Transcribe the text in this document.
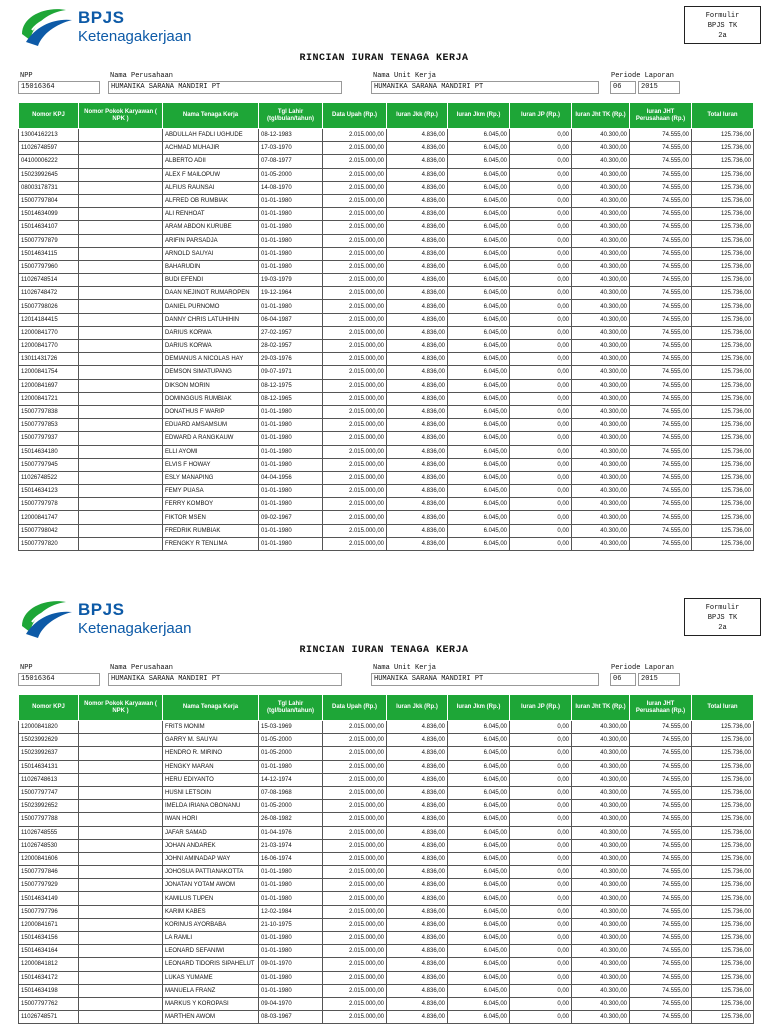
BPJS
Ketenagakerjaan
Formulir
BPJS TK
2a
RINCIAN IURAN TENAGA KERJA
NPP
15016364
Nama Perusahaan
HUMANIKA SARANA MANDIRI PT
Nama Unit Kerja
HUMANIKA SARANA MANDIRI PT
Periode Laporan
06	2015
Nomor KPJ	Nomor Pokok Karyawan ( NPK )	Nama Tenaga Kerja	Tgl Lahir (tgl/bulan/tahun)	Data Upah (Rp.)	Iuran Jkk (Rp.)	Iuran Jkm (Rp.)	Iuran JP (Rp.)	Iuran Jht TK (Rp.)	Iuran JHT Perusahaan (Rp.)	Total Iuran
13004162213		ABDULLAH FADLI UGHUDE	08-12-1983	2.015.000,00	4.836,00	6.045,00	0,00	40.300,00	74.555,00	125.736,00
11026748597		ACHMAD MUHAJIR	17-03-1970	2.015.000,00	4.836,00	6.045,00	0,00	40.300,00	74.555,00	125.736,00
04100006222		ALBERTO ADII	07-08-1977	2.015.000,00	4.836,00	6.045,00	0,00	40.300,00	74.555,00	125.736,00
15023992645		ALEX F MAILOPUW	01-05-2000	2.015.000,00	4.836,00	6.045,00	0,00	40.300,00	74.555,00	125.736,00
08003178731		ALFIUS RAUNSAI	14-08-1970	2.015.000,00	4.836,00	6.045,00	0,00	40.300,00	74.555,00	125.736,00
15007797804		ALFRED OB RUMBIAK	01-01-1980	2.015.000,00	4.836,00	6.045,00	0,00	40.300,00	74.555,00	125.736,00
15014634099		ALI RENHOAT	01-01-1980	2.015.000,00	4.836,00	6.045,00	0,00	40.300,00	74.555,00	125.736,00
15014634107		ARAM ABDON KURUBE	01-01-1980	2.015.000,00	4.836,00	6.045,00	0,00	40.300,00	74.555,00	125.736,00
15007797879		ARIFIN PARSADJA	01-01-1980	2.015.000,00	4.836,00	6.045,00	0,00	40.300,00	74.555,00	125.736,00
15014634115		ARNOLD SAUYAI	01-01-1980	2.015.000,00	4.836,00	6.045,00	0,00	40.300,00	74.555,00	125.736,00
15007797960		BAHARUDIN	01-01-1980	2.015.000,00	4.836,00	6.045,00	0,00	40.300,00	74.555,00	125.736,00
11026748514		BUDI EFENDI	19-03-1979	2.015.000,00	4.836,00	6.045,00	0,00	40.300,00	74.555,00	125.736,00
11026748472		DAAN NEJINOT RUMAROPEN	19-12-1964	2.015.000,00	4.836,00	6.045,00	0,00	40.300,00	74.555,00	125.736,00
15007798026		DANIEL PURNOMO	01-01-1980	2.015.000,00	4.836,00	6.045,00	0,00	40.300,00	74.555,00	125.736,00
12014184415		DANNY CHRIS LATUHIHIN	06-04-1987	2.015.000,00	4.836,00	6.045,00	0,00	40.300,00	74.555,00	125.736,00
12000841770		DARIUS KORWA	27-02-1957	2.015.000,00	4.836,00	6.045,00	0,00	40.300,00	74.555,00	125.736,00
12000841770		DARIUS KORWA	28-02-1957	2.015.000,00	4.836,00	6.045,00	0,00	40.300,00	74.555,00	125.736,00
13011431726		DEMIANUS A NICOLAS HAY	29-03-1976	2.015.000,00	4.836,00	6.045,00	0,00	40.300,00	74.555,00	125.736,00
12000841754		DEMSON SIMATUPANG	09-07-1971	2.015.000,00	4.836,00	6.045,00	0,00	40.300,00	74.555,00	125.736,00
12000841697		DIKSON MORIN	08-12-1975	2.015.000,00	4.836,00	6.045,00	0,00	40.300,00	74.555,00	125.736,00
12000841721		DOMINGGUS RUMBIAK	08-12-1965	2.015.000,00	4.836,00	6.045,00	0,00	40.300,00	74.555,00	125.736,00
15007797838		DONATHUS F WARIP	01-01-1980	2.015.000,00	4.836,00	6.045,00	0,00	40.300,00	74.555,00	125.736,00
15007797853		EDUARD AMSAMSUM	01-01-1980	2.015.000,00	4.836,00	6.045,00	0,00	40.300,00	74.555,00	125.736,00
15007797937		EDWARD A RANGKAUW	01-01-1980	2.015.000,00	4.836,00	6.045,00	0,00	40.300,00	74.555,00	125.736,00
15014634180		ELLI AYOMI	01-01-1980	2.015.000,00	4.836,00	6.045,00	0,00	40.300,00	74.555,00	125.736,00
15007797945		ELVIS F HOWAY	01-01-1980	2.015.000,00	4.836,00	6.045,00	0,00	40.300,00	74.555,00	125.736,00
11026748522		ESLY MANAPING	04-04-1956	2.015.000,00	4.836,00	6.045,00	0,00	40.300,00	74.555,00	125.736,00
15014634123		FEMY PUASA	01-01-1980	2.015.000,00	4.836,00	6.045,00	0,00	40.300,00	74.555,00	125.736,00
15007797978		FERRY KOMBOY	01-01-1980	2.015.000,00	4.836,00	6.045,00	0,00	40.300,00	74.555,00	125.736,00
12000841747		FIKTOR MSEN	09-02-1967	2.015.000,00	4.836,00	6.045,00	0,00	40.300,00	74.555,00	125.736,00
15007798042		FREDRIK RUMBIAK	01-01-1980	2.015.000,00	4.836,00	6.045,00	0,00	40.300,00	74.555,00	125.736,00
15007797820		FRENGKY R TENLIMA	01-01-1980	2.015.000,00	4.836,00	6.045,00	0,00	40.300,00	74.555,00	125.736,00
BPJS
Ketenagakerjaan
Formulir
BPJS TK
2a
RINCIAN IURAN TENAGA KERJA
NPP
15016364
Nama Perusahaan
HUMANIKA SARANA MANDIRI PT
Nama Unit Kerja
HUMANIKA SARANA MANDIRI PT
Periode Laporan
06	2015
Nomor KPJ	Nomor Pokok Karyawan ( NPK )	Nama Tenaga Kerja	Tgl Lahir (tgl/bulan/tahun)	Data Upah (Rp.)	Iuran Jkk (Rp.)	Iuran Jkm (Rp.)	Iuran JP (Rp.)	Iuran Jht TK (Rp.)	Iuran JHT Perusahaan (Rp.)	Total Iuran
12000841820		FRITS MONIM	15-03-1969	2.015.000,00	4.836,00	6.045,00	0,00	40.300,00	74.555,00	125.736,00
15023992629		GARRY M. SAUYAI	01-05-2000	2.015.000,00	4.836,00	6.045,00	0,00	40.300,00	74.555,00	125.736,00
15023992637		HENDRO R. MIRINO	01-05-2000	2.015.000,00	4.836,00	6.045,00	0,00	40.300,00	74.555,00	125.736,00
15014634131		HENGKY MARAN	01-01-1980	2.015.000,00	4.836,00	6.045,00	0,00	40.300,00	74.555,00	125.736,00
11026748613		HERU EDIYANTO	14-12-1974	2.015.000,00	4.836,00	6.045,00	0,00	40.300,00	74.555,00	125.736,00
15007797747		HUSNI LETSOIN	07-08-1968	2.015.000,00	4.836,00	6.045,00	0,00	40.300,00	74.555,00	125.736,00
15023992652		IMELDA IRIANA OBONANU	01-05-2000	2.015.000,00	4.836,00	6.045,00	0,00	40.300,00	74.555,00	125.736,00
15007797788		IWAN HORI	26-08-1982	2.015.000,00	4.836,00	6.045,00	0,00	40.300,00	74.555,00	125.736,00
11026748555		JAFAR SAMAD	01-04-1976	2.015.000,00	4.836,00	6.045,00	0,00	40.300,00	74.555,00	125.736,00
11026748530		JOHAN ANDAREK	21-03-1974	2.015.000,00	4.836,00	6.045,00	0,00	40.300,00	74.555,00	125.736,00
12000841606		JOHNI AMINADAP WAY	16-06-1974	2.015.000,00	4.836,00	6.045,00	0,00	40.300,00	74.555,00	125.736,00
15007797846		JOHOSUA PATTIANAKOTTA	01-01-1980	2.015.000,00	4.836,00	6.045,00	0,00	40.300,00	74.555,00	125.736,00
15007797929		JONATAN YOTAM AWOM	01-01-1980	2.015.000,00	4.836,00	6.045,00	0,00	40.300,00	74.555,00	125.736,00
15014634149		KAMILUS TUPEN	01-01-1980	2.015.000,00	4.836,00	6.045,00	0,00	40.300,00	74.555,00	125.736,00
15007797796		KARIM KABES	12-02-1984	2.015.000,00	4.836,00	6.045,00	0,00	40.300,00	74.555,00	125.736,00
12000841671		KORINUS AYORBABA	21-10-1975	2.015.000,00	4.836,00	6.045,00	0,00	40.300,00	74.555,00	125.736,00
15014634156		LA RAMLI	01-01-1980	2.015.000,00	4.836,00	6.045,00	0,00	40.300,00	74.555,00	125.736,00
15014634164		LEONARD SEFANIWI	01-01-1980	2.015.000,00	4.836,00	6.045,00	0,00	40.300,00	74.555,00	125.736,00
12000841812		LEONARD TIDORIS SIPAHELUT	09-01-1970	2.015.000,00	4.836,00	6.045,00	0,00	40.300,00	74.555,00	125.736,00
15014634172		LUKAS YUMAME	01-01-1980	2.015.000,00	4.836,00	6.045,00	0,00	40.300,00	74.555,00	125.736,00
15014634198		MANUELA FRANZ	01-01-1980	2.015.000,00	4.836,00	6.045,00	0,00	40.300,00	74.555,00	125.736,00
15007797762		MARKUS Y KOROPASI	09-04-1970	2.015.000,00	4.836,00	6.045,00	0,00	40.300,00	74.555,00	125.736,00
11026748571		MARTHEN AWOM	08-03-1967	2.015.000,00	4.836,00	6.045,00	0,00	40.300,00	74.555,00	125.736,00
